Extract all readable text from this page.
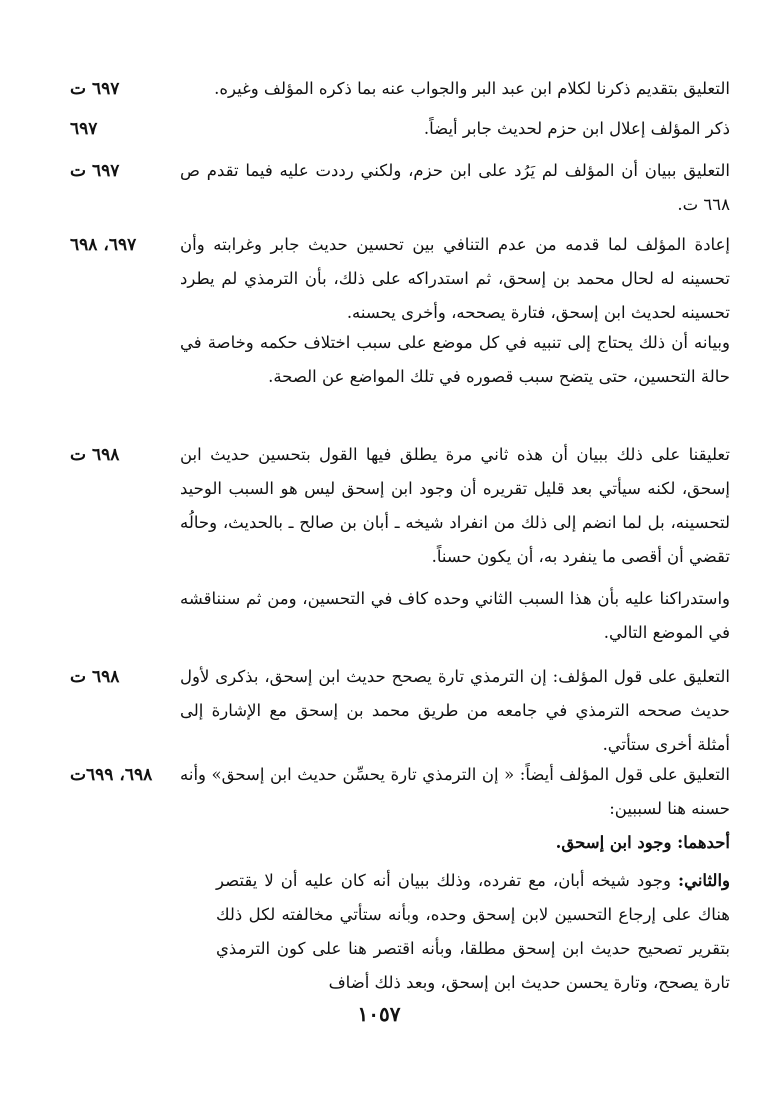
٦٩٧ ت	التعليق بتقديم ذكرنا لكلام ابن عبد البر والجواب عنه بما ذكره المؤلف وغيره.

٦٩٧	ذكر المؤلف إعلال ابن حزم لحديث جابر أيضاً.

٦٩٧ ت	التعليق ببيان أن المؤلف لم يَرُد على ابن حزم، ولكني رددت عليه فيما تقدم ص ٦٦٨ ت.

٦٩٧، ٦٩٨	إعادة المؤلف لما قدمه من عدم التنافي بين تحسين حديث جابر وغرابته وأن تحسينه له لحال محمد بن إسحق، ثم استدراكه على ذلك، بأن الترمذي لم يطرد تحسينه لحديث ابن إسحق، فتارة يصححه، وأخرى يحسنه.

وبيانه أن ذلك يحتاج إلى تنبيه في كل موضع على سبب اختلاف حكمه وخاصة في حالة التحسين، حتى يتضح سبب قصوره في تلك المواضع عن الصحة.

٦٩٨ ت	تعليقنا على ذلك ببيان أن هذه ثاني مرة يطلق فيها القول بتحسين حديث ابن إسحق، لكنه سيأتي بعد قليل تقريره أن وجود ابن إسحق ليس هو السبب الوحيد لتحسينه، بل لما انضم إلى ذلك من انفراد شيخه ـ أبان بن صالح ـ بالحديث، وحالُه تقضي أن أقصى ما ينفرد به، أن يكون حسناً.

واستدراكنا عليه بأن هذا السبب الثاني وحده كاف في التحسين، ومن ثم سنناقشه في الموضع التالي.

٦٩٨ ت	التعليق على قول المؤلف: إن الترمذي تارة يصحح حديث ابن إسحق، بذكرى لأول حديث صححه الترمذي في جامعه من طريق محمد بن إسحق مع الإشارة إلى أمثلة أخرى ستأتي.

٦٩٨، ٦٩٩ت	التعليق على قول المؤلف أيضاً: « إن الترمذي تارة يحسِّن حديث ابن إسحق» وأنه حسنه هنا لسببين:

أحدهما: وجود ابن إسحق.

والثاني: وجود شيخه أبان، مع تفرده، وذلك ببيان أنه كان عليه أن لا يقتصر هناك على إرجاع التحسين لابن إسحق وحده، وبأنه ستأتي مخالفته لكل ذلك بتقرير تصحيح حديث ابن إسحق مطلقا، وبأنه اقتصر هنا على كون الترمذي تارة يصحح، وتارة يحسن حديث ابن إسحق، وبعد ذلك أضاف

١٠٥٧
